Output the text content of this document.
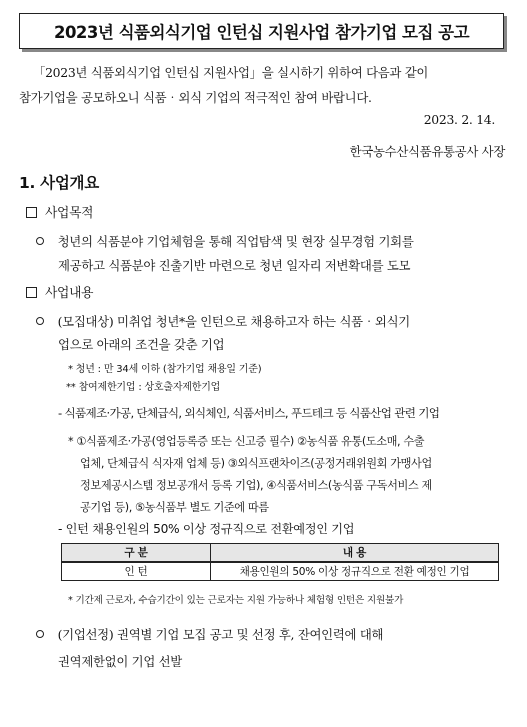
2023년 식품외식기업 인턴십 지원사업 참가기업 모집 공고
「2023년 식품외식기업 인턴십 지원사업」을 실시하기 위하여 다음과 같이
참가기업을 공모하오니 식품‧외식 기업의 적극적인 참여 바랍니다.
2023. 2. 14.
한국농수산식품유통공사 사장
1. 사업개요
사업목적
청년의 식품분야 기업체험을 통해 직업탐색 및 현장 실무경험 기회를
제공하고 식품분야 진출기반 마련으로 청년 일자리 저변확대를 도모
사업내용
(모집대상) 미취업 청년*을 인턴으로 채용하고자 하는 식품‧외식기
업으로 아래의 조건을 갖춘 기업
* 청년 : 만 34세 이하 (참가기업 채용일 기준)
** 참여제한기업 : 상호출자제한기업
- 식품제조‧가공, 단체급식, 외식체인, 식품서비스, 푸드테크 등 식품산업 관련 기업
* ①식품제조‧가공(영업등록증 또는 신고증 필수) ②농식품 유통(도소매, 수출
업체, 단체급식 식자재 업체 등) ③외식프랜차이즈(공정거래위원회 가맹사업
정보제공시스템 정보공개서 등록 기업), ④식품서비스(농식품 구독서비스 제
공기업 등), ⑤농식품부 별도 기준에 따름
- 인턴 채용인원의 50% 이상 정규직으로 전환예정인 기업
구 분	내 용
인 턴	채용인원의 50% 이상 정규직으로 전환 예정인 기업
* 기간제 근로자, 수습기간이 있는 근로자는 지원 가능하나 체험형 인턴은 지원불가
(기업선정) 권역별 기업 모집 공고 및 선정 후, 잔여인력에 대해
권역제한없이 기업 선발
